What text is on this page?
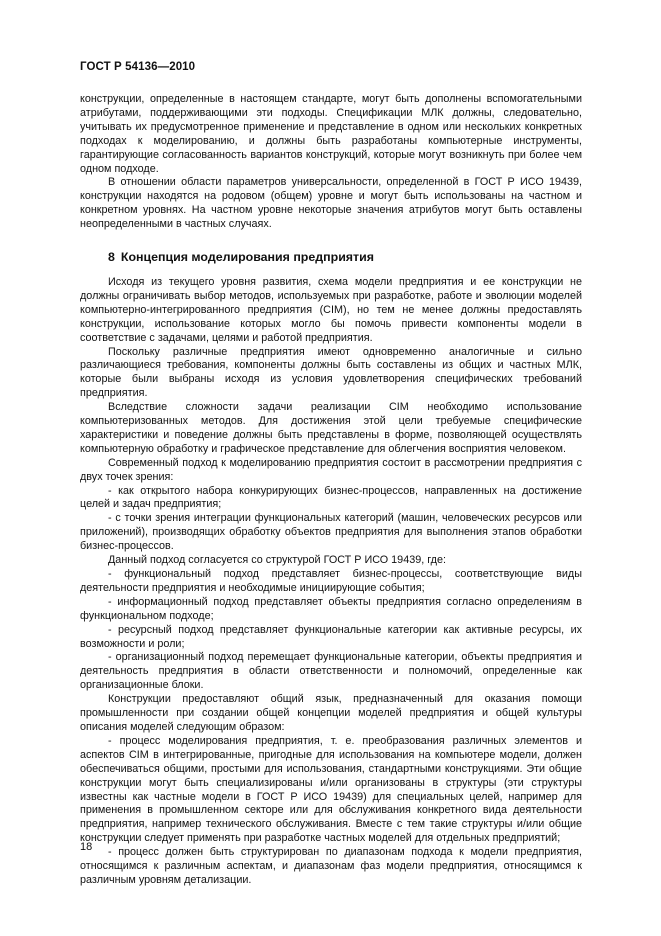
ГОСТ Р 54136—2010

конструкции, определенные в настоящем стандарте, могут быть дополнены вспомогательными атрибутами, поддерживающими эти подходы. Спецификации МЛК должны, следовательно, учитывать их предусмотренное применение и представление в одном или нескольких конкретных подходах к моделированию, и должны быть разработаны компьютерные инструменты, гарантирующие согласованность вариантов конструкций, которые могут возникнуть при более чем одном подходе.

В отношении области параметров универсальности, определенной в ГОСТ Р ИСО 19439, конструкции находятся на родовом (общем) уровне и могут быть использованы на частном и конкретном уровнях. На частном уровне некоторые значения атрибутов могут быть оставлены неопределенными в частных случаях.

8 Концепция моделирования предприятия

Исходя из текущего уровня развития, схема модели предприятия и ее конструкции не должны ограничивать выбор методов, используемых при разработке, работе и эволюции моделей компьютерно-интегрированного предприятия (CIM), но тем не менее должны предоставлять конструкции, использование которых могло бы помочь привести компоненты модели в соответствие с задачами, целями и работой предприятия.

Поскольку различные предприятия имеют одновременно аналогичные и сильно различающиеся требования, компоненты должны быть составлены из общих и частных МЛК, которые были выбраны исходя из условия удовлетворения специфических требований предприятия.

Вследствие сложности задачи реализации CIM необходимо использование компьютеризованных методов. Для достижения этой цели требуемые специфические характеристики и поведение должны быть представлены в форме, позволяющей осуществлять компьютерную обработку и графическое представление для облегчения восприятия человеком.

Современный подход к моделированию предприятия состоит в рассмотрении предприятия с двух точек зрения:

- как открытого набора конкурирующих бизнес-процессов, направленных на достижение целей и задач предприятия;

- с точки зрения интеграции функциональных категорий (машин, человеческих ресурсов или приложений), производящих обработку объектов предприятия для выполнения этапов обработки бизнес-процессов.

Данный подход согласуется со структурой ГОСТ Р ИСО 19439, где:

- функциональный подход представляет бизнес-процессы, соответствующие виды деятельности предприятия и необходимые инициирующие события;

- информационный подход представляет объекты предприятия согласно определениям в функциональном подходе;

- ресурсный подход представляет функциональные категории как активные ресурсы, их возможности и роли;

- организационный подход перемещает функциональные категории, объекты предприятия и деятельность предприятия в области ответственности и полномочий, определенные как организационные блоки.

Конструкции предоставляют общий язык, предназначенный для оказания помощи промышленности при создании общей концепции моделей предприятия и общей культуры описания моделей следующим образом:

- процесс моделирования предприятия, т. е. преобразования различных элементов и аспектов CIM в интегрированные, пригодные для использования на компьютере модели, должен обеспечиваться общими, простыми для использования, стандартными конструкциями. Эти общие конструкции могут быть специализированы и/или организованы в структуры (эти структуры известны как частные модели в ГОСТ Р ИСО 19439) для специальных целей, например для применения в промышленном секторе или для обслуживания конкретного вида деятельности предприятия, например технического обслуживания. Вместе с тем такие структуры и/или общие конструкции следует применять при разработке частных моделей для отдельных предприятий;

- процесс должен быть структурирован по диапазонам подхода к модели предприятия, относящимся к различным аспектам, и диапазонам фаз модели предприятия, относящимся к различным уровням детализации.

18
